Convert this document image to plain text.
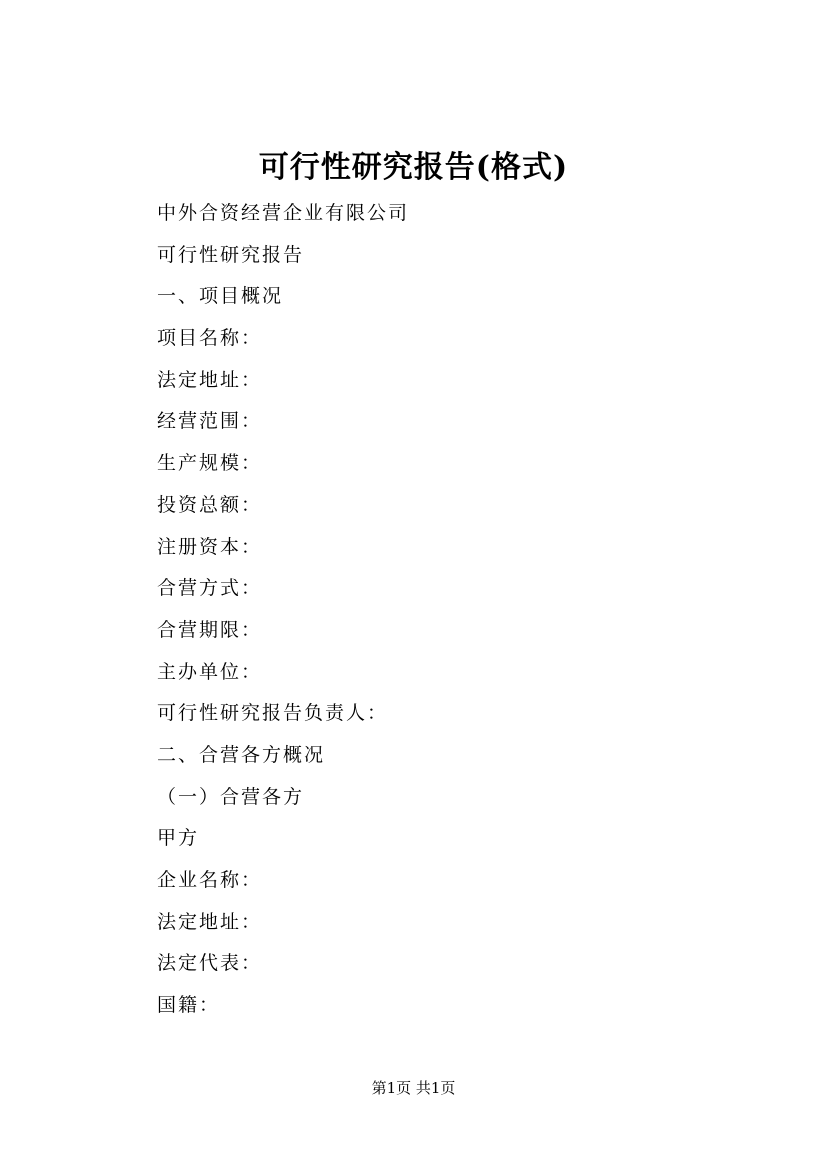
可行性研究报告(格式)
中外合资经营企业有限公司
可行性研究报告
一、项目概况
项目名称：
法定地址：
经营范围：
生产规模：
投资总额：
注册资本：
合营方式：
合营期限：
主办单位：
可行性研究报告负责人：
二、合营各方概况
（一）合营各方
甲方
企业名称：
法定地址：
法定代表：
国籍：
第1页 共1页
